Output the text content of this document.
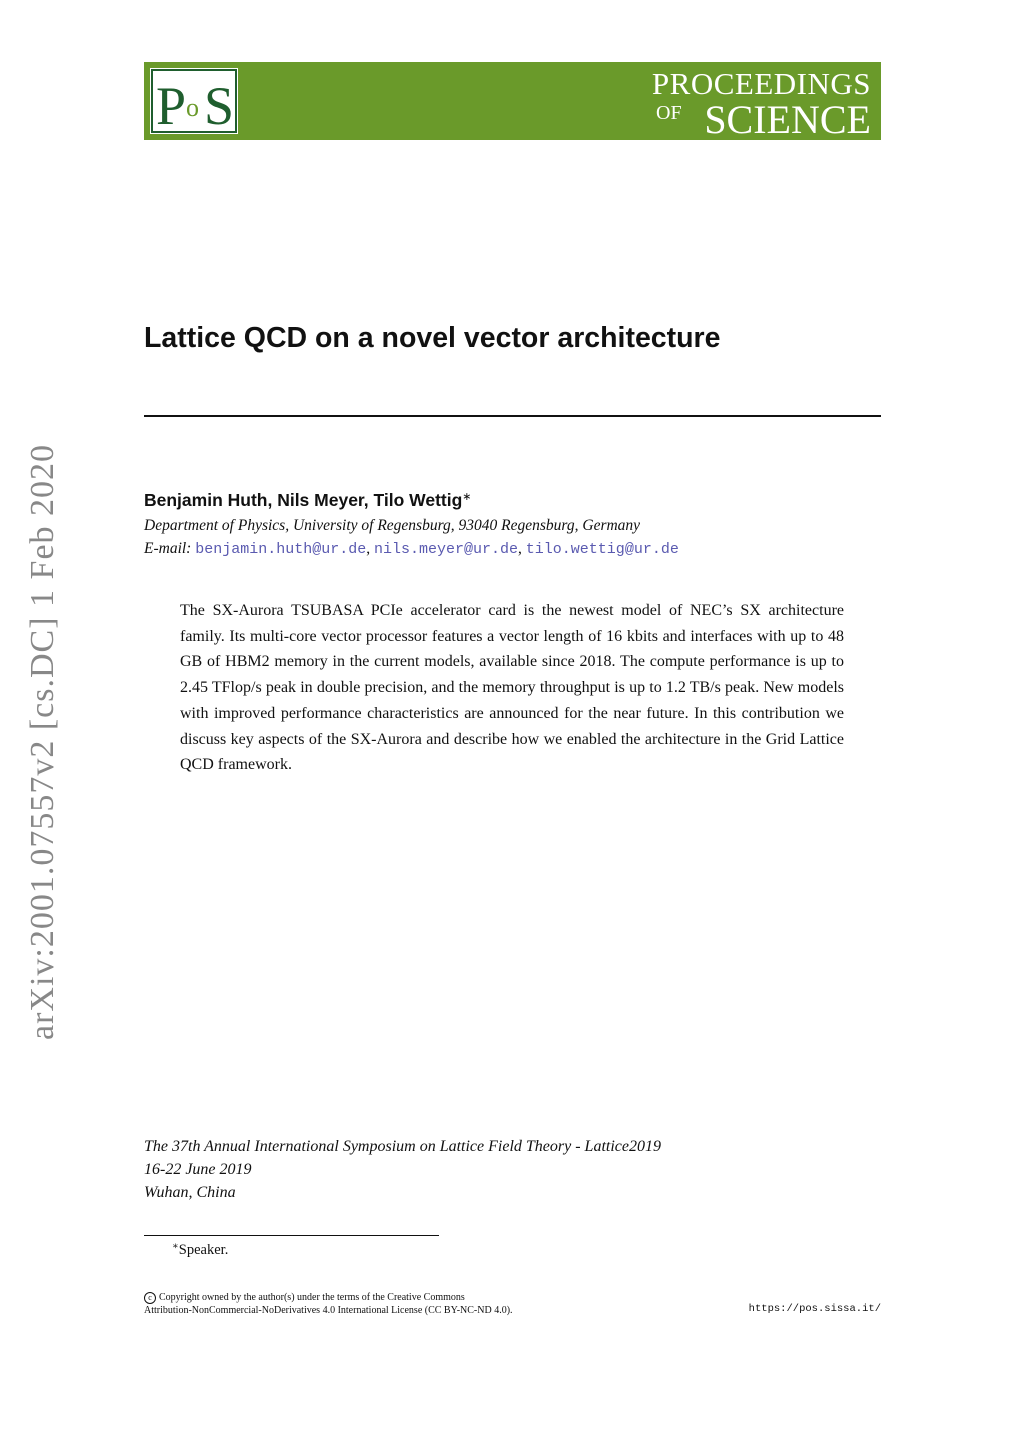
P o S	PROCEEDINGS
OF SCIENCE
arXiv:2001.07557v2 [cs.DC] 1 Feb 2020
Lattice QCD on a novel vector architecture
Benjamin Huth, Nils Meyer, Tilo Wettig∗
Department of Physics, University of Regensburg, 93040 Regensburg, Germany
E-mail: benjamin.huth@ur.de, nils.meyer@ur.de, tilo.wettig@ur.de

The SX-Aurora TSUBASA PCIe accelerator card is the newest model of NEC’s SX architecture family. Its multi-core vector processor features a vector length of 16 kbits and interfaces with up to 48 GB of HBM2 memory in the current models, available since 2018. The compute performance is up to 2.45 TFlop/s peak in double precision, and the memory throughput is up to 1.2 TB/s peak. New models with improved performance characteristics are announced for the near future. In this contribution we discuss key aspects of the SX-Aurora and describe how we enabled the architecture in the Grid Lattice QCD framework.

The 37th Annual International Symposium on Lattice Field Theory - Lattice2019
16-22 June 2019
Wuhan, China
∗Speaker.
c Copyright owned by the author(s) under the terms of the Creative Commons
Attribution-NonCommercial-NoDerivatives 4.0 International License (CC BY-NC-ND 4.0).	https://pos.sissa.it/
